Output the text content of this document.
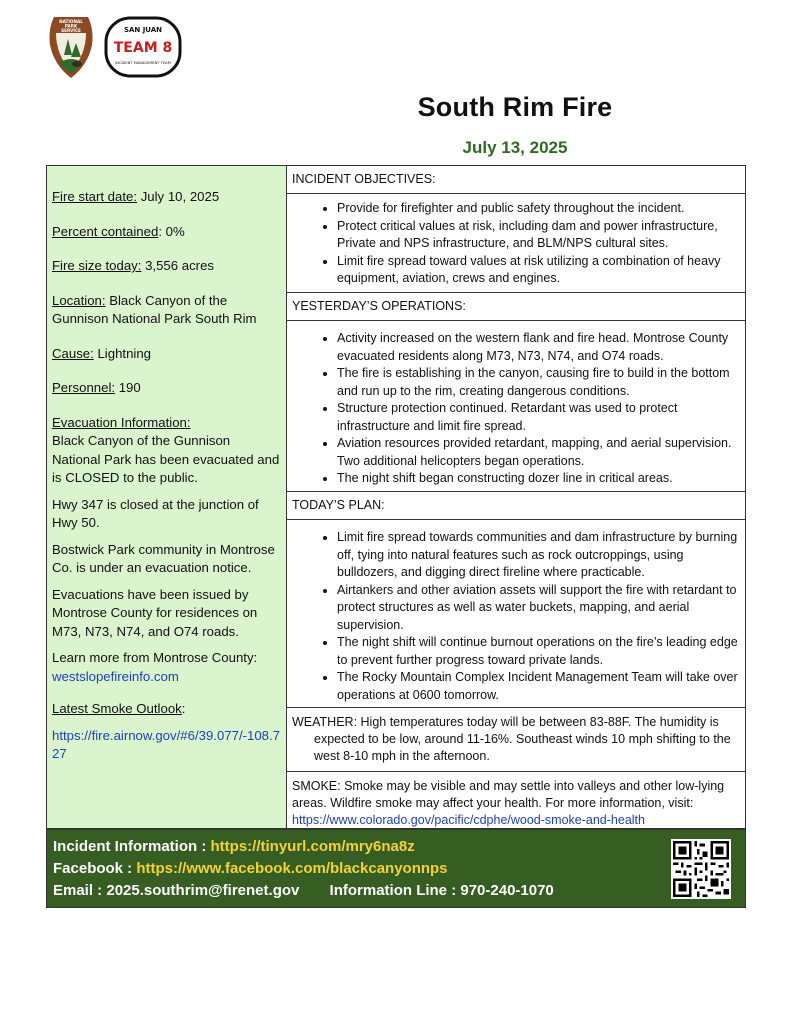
NATIONAL
PARK
SERVICE	SAN JUAN
TEAM 8
INCIDENT MANAGEMENT TEAM
South Rim Fire
July 13, 2025

Fire start date: July 10, 2025

Percent contained: 0%

Fire size today: 3,556 acres

Location: Black Canyon of the Gunnison National Park South Rim

Cause: Lightning

Personnel: 190

Evacuation Information:
Black Canyon of the Gunnison National Park has been evacuated and is CLOSED to the public.

Hwy 347 is closed at the junction of Hwy 50.

Bostwick Park community in Montrose Co. is under an evacuation notice.

Evacuations have been issued by Montrose County for residences on M73, N73, N74, and O74 roads.

Learn more from Montrose County:
westslopefireinfo.com

Latest Smoke Outlook:

https://fire.airnow.gov/#6/39.077/-108.727

INCIDENT OBJECTIVES:
• Provide for firefighter and public safety throughout the incident.
• Protect critical values at risk, including dam and power infrastructure, Private and NPS infrastructure, and BLM/NPS cultural sites.
• Limit fire spread toward values at risk utilizing a combination of heavy equipment, aviation, crews and engines.
YESTERDAY’S OPERATIONS:
• Activity increased on the western flank and fire head. Montrose County evacuated residents along M73, N73, N74, and O74 roads.
• The fire is establishing in the canyon, causing fire to build in the bottom and run up to the rim, creating dangerous conditions.
• Structure protection continued. Retardant was used to protect infrastructure and limit fire spread.
• Aviation resources provided retardant, mapping, and aerial supervision. Two additional helicopters began operations.
• The night shift began constructing dozer line in critical areas.
TODAY’S PLAN:
• Limit fire spread towards communities and dam infrastructure by burning off, tying into natural features such as rock outcroppings, using bulldozers, and digging direct fireline where practicable.
• Airtankers and other aviation assets will support the fire with retardant to protect structures as well as water buckets, mapping, and aerial supervision.
• The night shift will continue burnout operations on the fire’s leading edge to prevent further progress toward private lands.
• The Rocky Mountain Complex Incident Management Team will take over operations at 0600 tomorrow.
WEATHER: High temperatures today will be between 83-88F. The humidity is expected to be low, around 11-16%. Southeast winds 10 mph shifting to the west 8-10 mph in the afternoon.
SMOKE: Smoke may be visible and may settle into valleys and other low-lying areas. Wildfire smoke may affect your health. For more information, visit:
https://www.colorado.gov/pacific/cdphe/wood-smoke-and-health
Incident Information : https://tinyurl.com/mry6na8z
Facebook : https://www.facebook.com/blackcanyonnps
Email : 2025.southrim@firenet.gov Information Line : 970-240-1070
